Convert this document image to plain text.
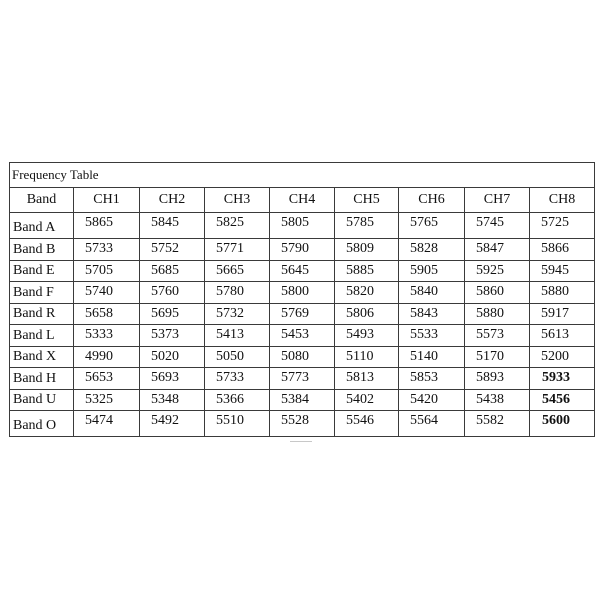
Frequency Table								
Band	CH1	CH2	CH3	CH4	CH5	CH6	CH7	CH8
Band A	5865	5845	5825	5805	5785	5765	5745	5725
Band B	5733	5752	5771	5790	5809	5828	5847	5866
Band E	5705	5685	5665	5645	5885	5905	5925	5945
Band F	5740	5760	5780	5800	5820	5840	5860	5880
Band R	5658	5695	5732	5769	5806	5843	5880	5917
Band L	5333	5373	5413	5453	5493	5533	5573	5613
Band X	4990	5020	5050	5080	5110	5140	5170	5200
Band H	5653	5693	5733	5773	5813	5853	5893	5933
Band U	5325	5348	5366	5384	5402	5420	5438	5456
Band O	5474	5492	5510	5528	5546	5564	5582	5600
